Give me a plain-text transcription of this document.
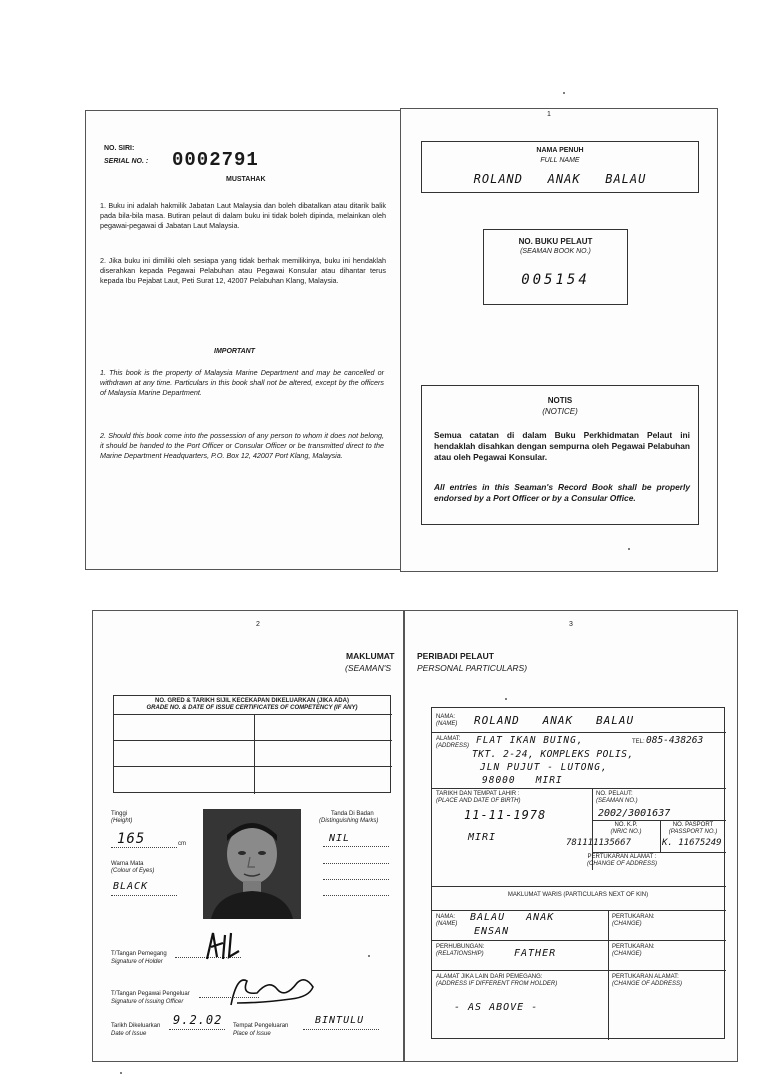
NO. SIRI:
SERIAL NO. : 0002791
MUSTAHAK
1. Buku ini adalah hakmilik Jabatan Laut Malaysia dan boleh dibatalkan atau ditarik balik pada bila-bila masa. Butiran pelaut di dalam buku ini tidak boleh dipinda, melainkan oleh pegawai-pegawai di Jabatan Laut Malaysia.
2. Jika buku ini dimiliki oleh sesiapa yang tidak berhak memilikinya, buku ini hendaklah diserahkan kepada Pegawai Pelabuhan atau Pegawai Konsular atau dihantar terus kepada Ibu Pejabat Laut, Peti Surat 12, 42007 Pelabuhan Klang, Malaysia.
IMPORTANT
1. This book is the property of Malaysia Marine Department and may be cancelled or withdrawn at any time. Particulars in this book shall not be altered, except by the officers of Malaysia Marine Department.
2. Should this book come into the possession of any person to whom it does not belong, it should be handed to the Port Officer or Consular Officer or be transmitted direct to the Marine Department Headquarters, P.O. Box 12, 42007 Port Klang, Malaysia.
1
NAMA PENUH
FULL NAME
ROLAND   ANAK   BALAU
NO. BUKU PELAUT
(SEAMAN BOOK NO.)
005154
NOTIS
(NOTICE)
Semua catatan di dalam Buku Perkhidmatan Pelaut ini hendaklah disahkan dengan sempurna oleh Pegawai Pelabuhan atau oleh Pegawai Konsular.
All entries in this Seaman's Record Book shall be properly endorsed by a Port Officer or by a Consular Office.
2
MAKLUMAT
(SEAMAN'S
NO. GRED & TARIKH SIJIL KECEKAPAN DIKELUARKAN (JIKA ADA)
GRADE NO. & DATE OF ISSUE CERTIFICATES OF COMPETENCY (IF ANY)
Tinggi
(Height)
165	cm
Warna Mata
(Colour of Eyes)
BLACK
Tanda Di Badan
(Distinguishing Marks)
NIL
T/Tangan Pemegang
Signature of Holder
T/Tangan Pegawai Pengeluar
Signature of Issuing Officer
Tarikh Dikeluarkan
Date of Issue
9.2.02 Tempat Pengeluaran
Place of Issue
BINTULU
3
PERIBADI PELAUT
PERSONAL PARTICULARS)
NAMA:
(NAME) ROLAND   ANAK   BALAU
ALAMAT:
(ADDRESS) FLAT IKAN BUING,	TEL: 085-438263
TKT. 2-24, KOMPLEKS POLIS,
JLN PUJUT - LUTONG,
98000   MIRI
TARIKH DAN TEMPAT LAHIR :
(PLACE AND DATE OF BIRTH)
11-11-1978
MIRI
NO. PELAUT:
(SEAMAN NO.)
2002/3001637
NO. K.P.
(NRIC NO.)
NO. PASPORT
(PASSPORT NO.)
781111135667	K. 11675249
PERTUKARAN ALAMAT :
(CHANGE OF ADDRESS)
MAKLUMAT WARIS (PARTICULARS NEXT OF KIN)
NAMA:
(NAME)
BALAU   ANAK
ENSAN
PERTUKARAN:
(CHANGE)
PERHUBUNGAN:
(RELATIONSHIP)	FATHER
PERTUKARAN:
(CHANGE)
ALAMAT JIKA LAIN DARI PEMEGANG:
(ADDRESS IF DIFFERENT FROM HOLDER)
- AS ABOVE -
PERTUKARAN ALAMAT:
(CHANGE OF ADDRESS)
